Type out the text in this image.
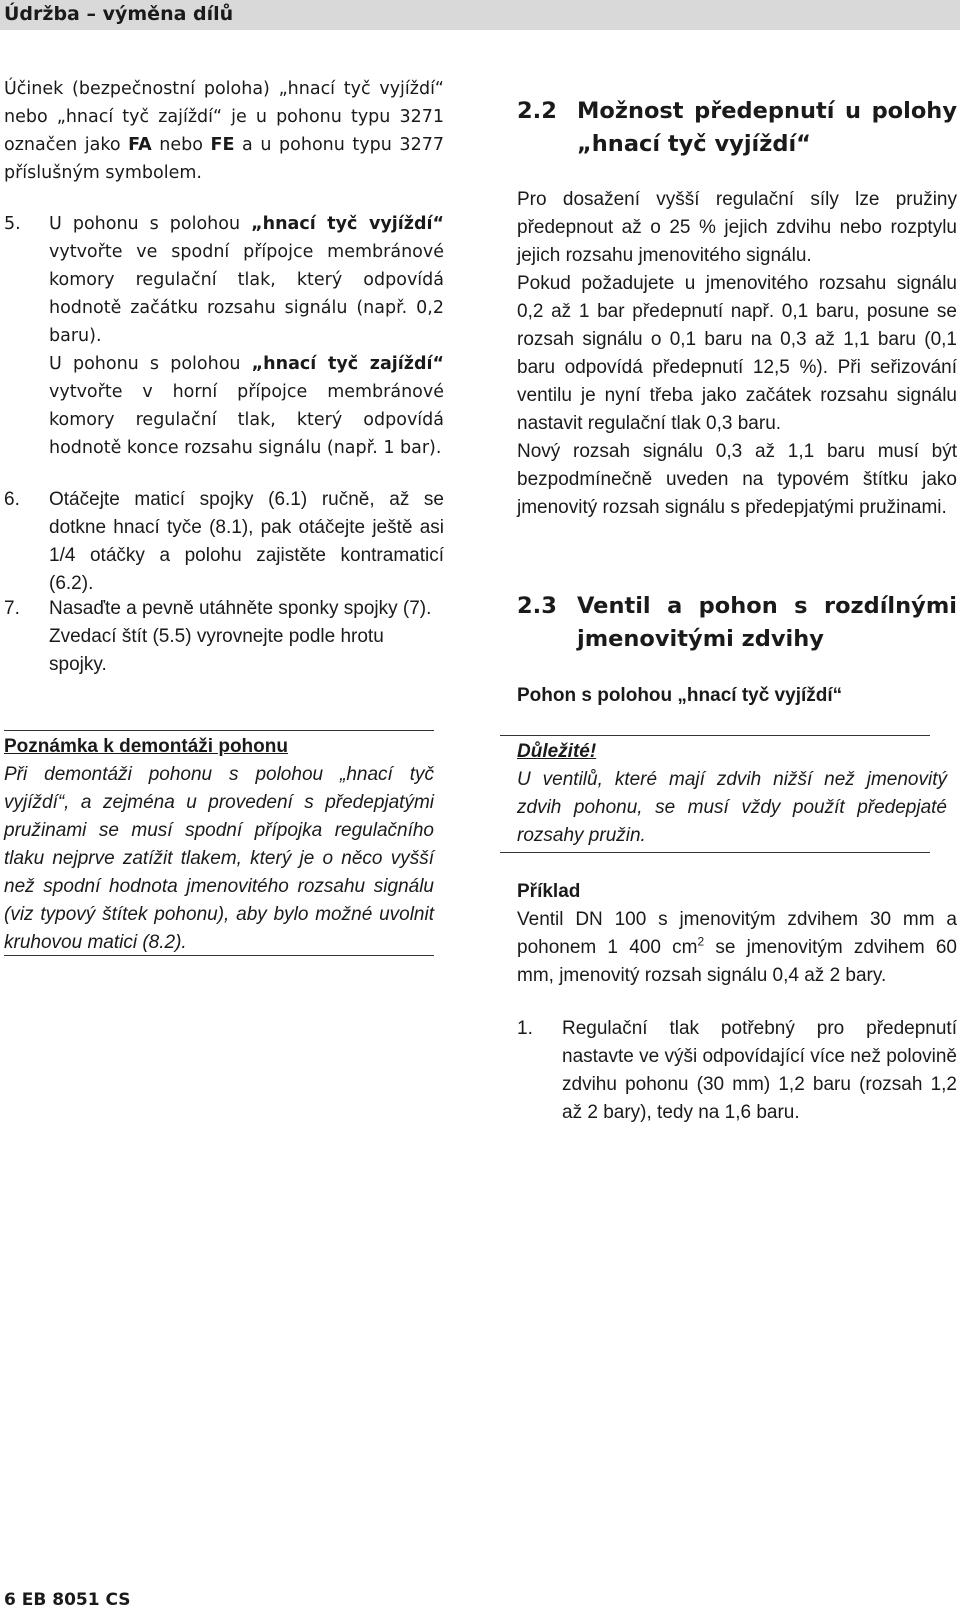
Údržba – výměna dílů

Účinek (bezpečnostní poloha) „hnací tyč vyjíždí“ nebo „hnací tyč zajíždí“ je u pohonu typu 3271 označen jako FA nebo FE a u pohonu typu 3277 příslušným symbolem.

5. U pohonu s polohou „hnací tyč vyjíždí“ vytvořte ve spodní přípojce membránové komory regulační tlak, který odpovídá hodnotě začátku rozsahu signálu (např. 0,2 baru).

U pohonu s polohou „hnací tyč zajíždí“ vytvořte v horní přípojce membránové komory regulační tlak, který odpovídá hodnotě konce rozsahu signálu (např. 1 bar).

6. Otáčejte maticí spojky (6.1) ručně, až se dotkne hnací tyče (8.1), pak otáčejte ještě asi 1/4 otáčky a polohu zajistěte kontramaticí (6.2).

7. Nasaďte a pevně utáhněte sponky spojky (7).

Zvedací štít (5.5) vyrovnejte podle hrotu spojky.

Poznámka k demontáži pohonu

Při demontáži pohonu s polohou „hnací tyč vyjíždí“, a zejména u provedení s předepjatými pružinami se musí spodní přípojka regulačního tlaku nejprve zatížit tlakem, který je o něco vyšší než spodní hodnota jmenovitého rozsahu signálu (viz typový štítek pohonu), aby bylo možné uvolnit kruhovou matici (8.2).

2.2 Možnost předepnutí u polohy „hnací tyč vyjíždí“

Pro dosažení vyšší regulační síly lze pružiny předepnout až o 25 % jejich zdvihu nebo rozptylu jejich rozsahu jmenovitého signálu.

Pokud požadujete u jmenovitého rozsahu signálu 0,2 až 1 bar předepnutí např. 0,1 baru, posune se rozsah signálu o 0,1 baru na 0,3 až 1,1 baru (0,1 baru odpovídá předepnutí 12,5 %). Při seřizování ventilu je nyní třeba jako začátek rozsahu signálu nastavit regulační tlak 0,3 baru.

Nový rozsah signálu 0,3 až 1,1 baru musí být bezpodmínečně uveden na typovém štítku jako jmenovitý rozsah signálu s předepjatými pružinami.

2.3 Ventil a pohon s rozdílnými jmenovitými zdvihy
Pohon s polohou „hnací tyč vyjíždí“

Důležité!

U ventilů, které mají zdvih nižší než jmenovitý zdvih pohonu, se musí vždy použít předepjaté rozsahy pružin.

Příklad

Ventil DN 100 s jmenovitým zdvihem 30 mm a pohonem 1 400 $cm^2$ se jmenovitým zdvihem 60 mm, jmenovitý rozsah signálu 0,4 až 2 bary.

1. Regulační tlak potřebný pro předepnutí nastavte ve výši odpovídající více než polovině zdvihu pohonu (30 mm) 1,2 baru (rozsah 1,2 až 2 bary), tedy na 1,6 baru.

6 EB 8051 CS
